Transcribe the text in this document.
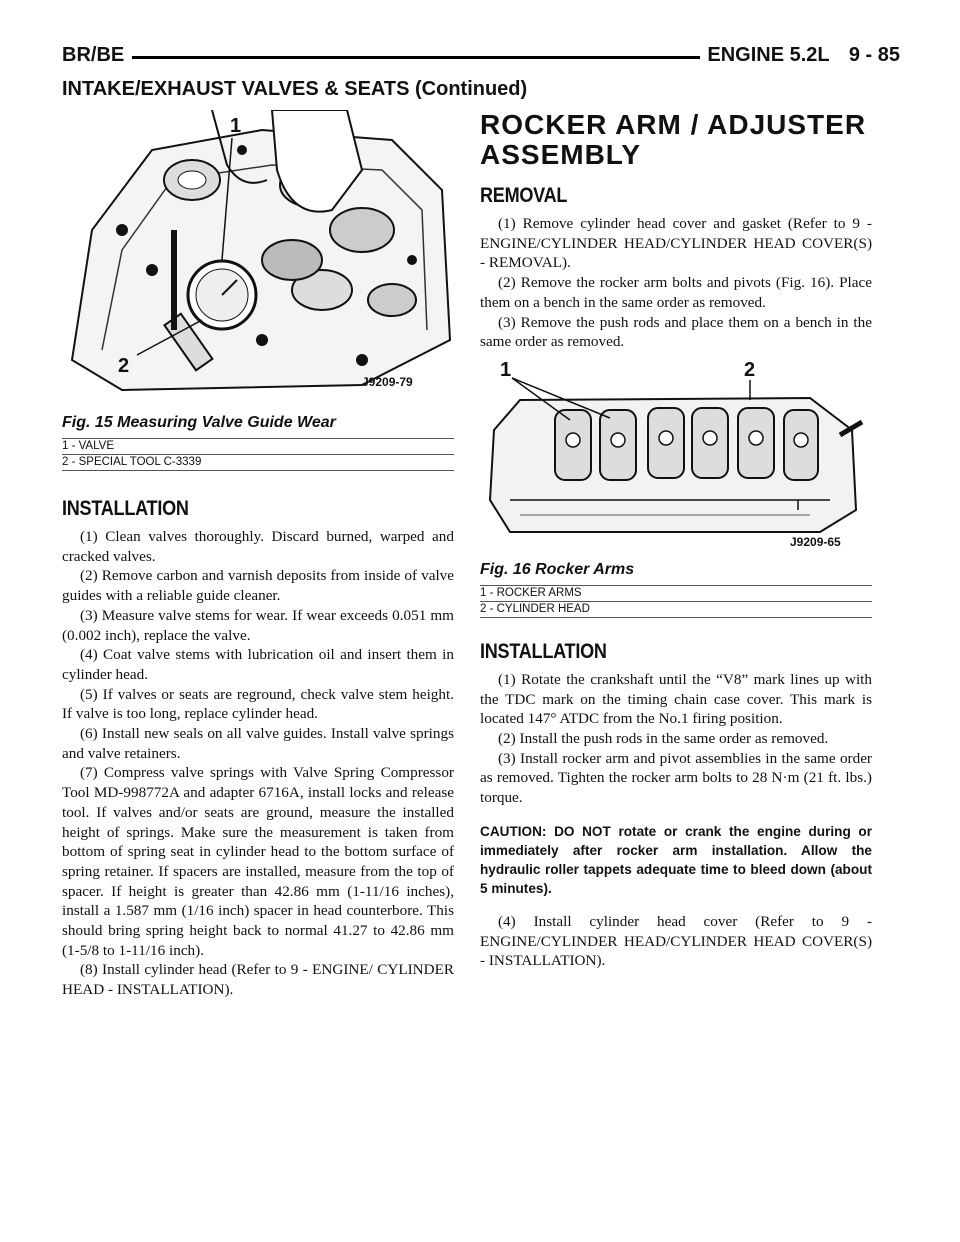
BR/BE	ENGINE 5.2L 9 - 85
INTAKE/EXHAUST VALVES & SEATS (Continued)
1
2
J9209-79
Fig. 15 Measuring Valve Guide Wear
1 - VALVE
2 - SPECIAL TOOL C-3339
INSTALLATION

(1) Clean valves thoroughly. Discard burned, warped and cracked valves.

(2) Remove carbon and varnish deposits from inside of valve guides with a reliable guide cleaner.

(3) Measure valve stems for wear. If wear exceeds 0.051 mm (0.002 inch), replace the valve.

(4) Coat valve stems with lubrication oil and insert them in cylinder head.

(5) If valves or seats are reground, check valve stem height. If valve is too long, replace cylinder head.

(6) Install new seals on all valve guides. Install valve springs and valve retainers.

(7) Compress valve springs with Valve Spring Compressor Tool MD-998772A and adapter 6716A, install locks and release tool. If valves and/or seats are ground, measure the installed height of springs. Make sure the measurement is taken from bottom of spring seat in cylinder head to the bottom surface of spring retainer. If spacers are installed, measure from the top of spacer. If height is greater than 42.86 mm (1-11/16 inches), install a 1.587 mm (1/16 inch) spacer in head counterbore. This should bring spring height back to normal 41.27 to 42.86 mm (1-5/8 to 1-11/16 inch).

(8) Install cylinder head (Refer to 9 - ENGINE/ CYLINDER HEAD - INSTALLATION).

ROCKER ARM / ADJUSTER
ASSEMBLY
REMOVAL

(1) Remove cylinder head cover and gasket (Refer to 9 - ENGINE/CYLINDER HEAD/CYLINDER HEAD COVER(S) - REMOVAL).

(2) Remove the rocker arm bolts and pivots (Fig. 16). Place them on a bench in the same order as removed.

(3) Remove the push rods and place them on a bench in the same order as removed.

1	2
J9209-65
Fig. 16 Rocker Arms
1 - ROCKER ARMS
2 - CYLINDER HEAD
INSTALLATION

(1) Rotate the crankshaft until the “V8” mark lines up with the TDC mark on the timing chain case cover. This mark is located 147° ATDC from the No.1 firing position.

(2) Install the push rods in the same order as removed.

(3) Install rocker arm and pivot assemblies in the same order as removed. Tighten the rocker arm bolts to 28 N·m (21 ft. lbs.) torque.

CAUTION: DO NOT rotate or crank the engine during or immediately after rocker arm installation. Allow the hydraulic roller tappets adequate time to bleed down (about 5 minutes).

(4) Install cylinder head cover (Refer to 9 - ENGINE/CYLINDER HEAD/CYLINDER HEAD COVER(S) - INSTALLATION).
